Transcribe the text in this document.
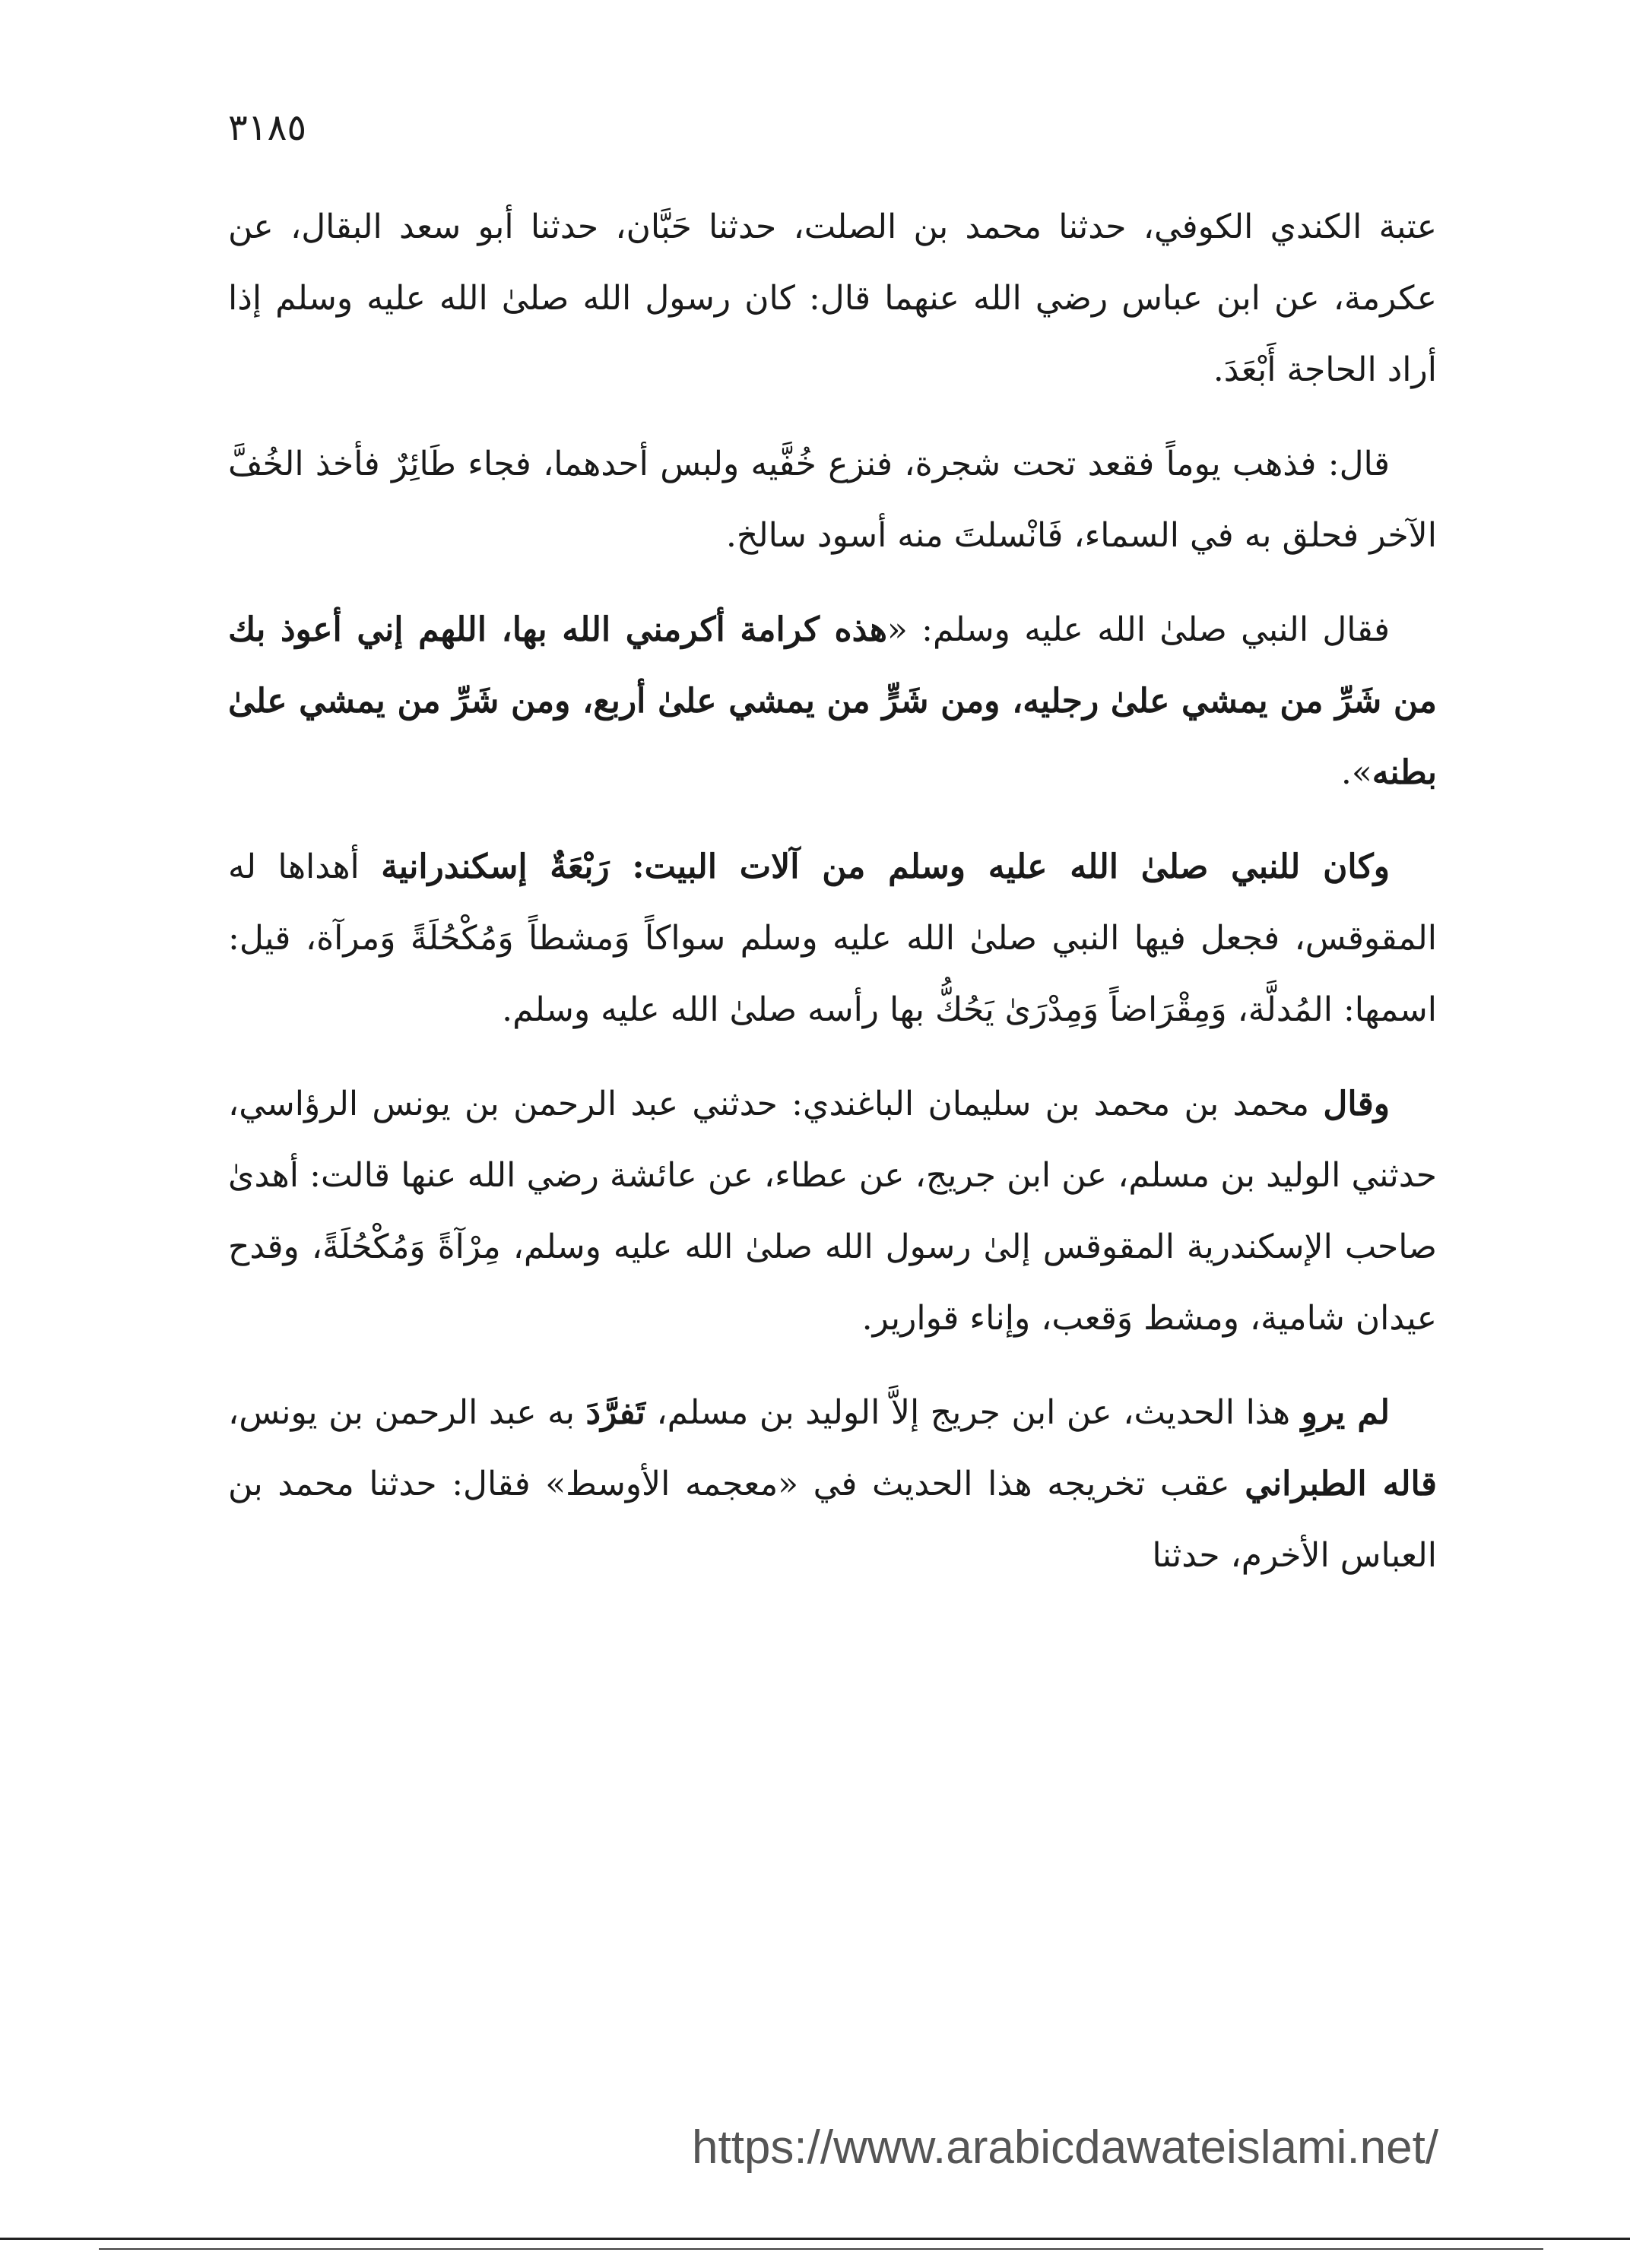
٣١٨٥

عتبة الكندي الكوفي، حدثنا محمد بن الصلت، حدثنا حَبَّان، حدثنا أبو سعد البقال، عن عكرمة، عن ابن عباس رضي الله عنهما قال: كان رسول الله صلىٰ الله عليه وسلم إذا أراد الحاجة أَبْعَدَ.

قال: فذهب يوماً فقعد تحت شجرة، فنزع خُفَّيه ولبس أحدهما، فجاء طَائِرٌ فأخذ الخُفَّ الآخر فحلق به في السماء، فَانْسلتَ منه أسود سالخ.

فقال النبي صلىٰ الله عليه وسلم: «هذه كرامة أكرمني الله بها، اللهم إني أعوذ بك من شَرِّ من يمشي علىٰ رجليه، ومن شَرٍّ من يمشي علىٰ أربع، ومن شَرِّ من يمشي علىٰ بطنه».

وكان للنبي صلىٰ الله عليه وسلم من آلات البيت: رَبْعَةٌ إسكندرانية أهداها له المقوقس، فجعل فيها النبي صلىٰ الله عليه وسلم سواكاً وَمشطاً وَمُكْحُلَةً وَمرآة، قيل: اسمها: المُدلَّة، وَمِقْرَاضاً وَمِدْرَىٰ يَحُكُّ بها رأسه صلىٰ الله عليه وسلم.

وقال محمد بن محمد بن سليمان الباغندي: حدثني عبد الرحمن بن يونس الرؤاسي، حدثني الوليد بن مسلم، عن ابن جريج، عن عطاء، عن عائشة رضي الله عنها قالت: أهدىٰ صاحب الإسكندرية المقوقس إلىٰ رسول الله صلىٰ الله عليه وسلم، مِرْآةً وَمُكْحُلَةً، وقدح عيدان شامية، ومشط وَقعب، وإناء قوارير.

لم يروِ هذا الحديث، عن ابن جريج إلاَّ الوليد بن مسلم، تَفرَّدَ به عبد الرحمن بن يونس، قاله الطبراني عقب تخريجه هذا الحديث في «معجمه الأوسط» فقال: حدثنا محمد بن العباس الأخرم، حدثنا

https://www.arabicdawateislami.net/
